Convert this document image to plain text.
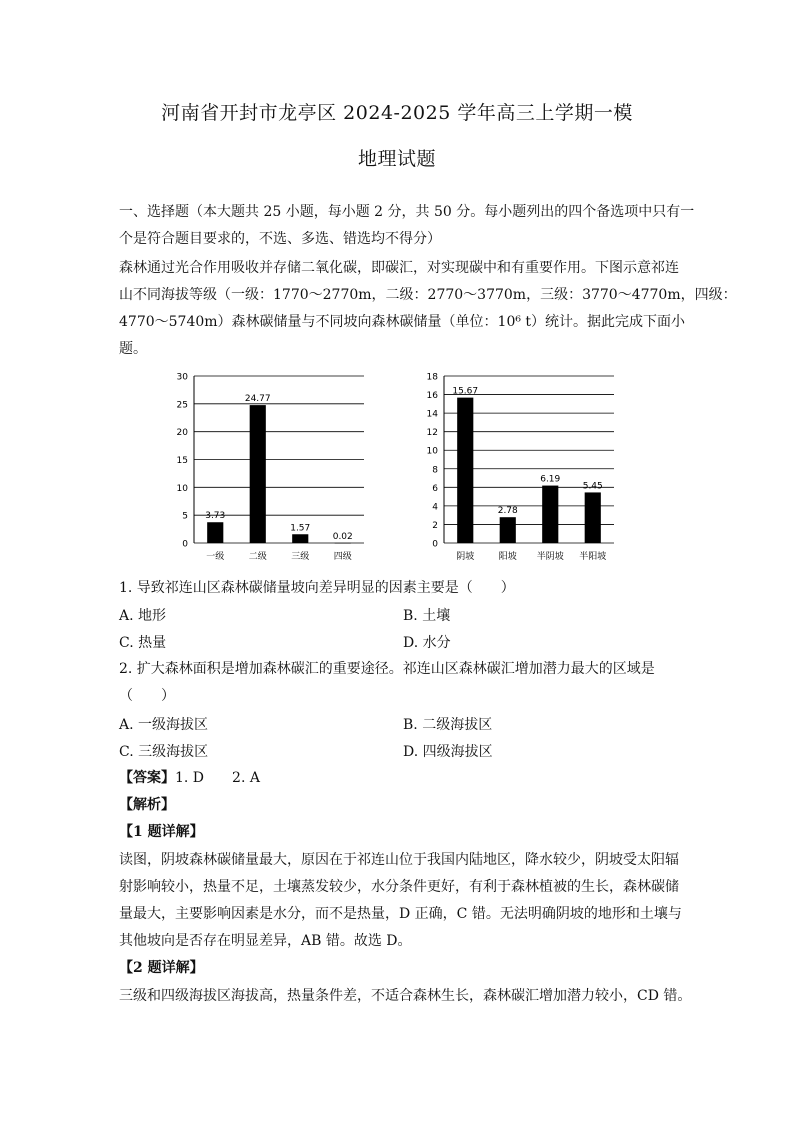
河南省开封市龙亭区 2024-2025 学年高三上学期一模
地理试题
一、选择题（本大题共 25 小题，每小题 2 分，共 50 分。每小题列出的四个备选项中只有一
个是符合题目要求的，不选、多选、错选均不得分）
森林通过光合作用吸收并存储二氧化碳，即碳汇，对实现碳中和有重要作用。下图示意祁连
山不同海拔等级（一级：1770～2770m，二级：2770～3770m，三级：3770～4770m，四级：
4770～5740m）森林碳储量与不同坡向森林碳储量（单位：10⁶ t）统计。据此完成下面小
题。
0
5
10
15
20
25
30
3.73
一级
24.77
二级
1.57
三级
0.02
四级
0
2
4
6
8
10
12
14
16
18
15.67
阴坡
2.78
阳坡
6.19
半阴坡
5.45
半阳坡
1. 导致祁连山区森林碳储量坡向差异明显的因素主要是（　　）
A. 地形	B. 土壤
C. 热量	D. 水分
2. 扩大森林面积是增加森林碳汇的重要途径。祁连山区森林碳汇增加潜力最大的区域是
（　　）
A. 一级海拔区	B. 二级海拔区
C. 三级海拔区	D. 四级海拔区
【答案】1. D　　2. A
【解析】
【1 题详解】
读图，阴坡森林碳储量最大，原因在于祁连山位于我国内陆地区，降水较少，阴坡受太阳辐
射影响较小，热量不足，土壤蒸发较少，水分条件更好，有利于森林植被的生长，森林碳储
量最大，主要影响因素是水分，而不是热量，D 正确，C 错。无法明确阴坡的地形和土壤与
其他坡向是否存在明显差异，AB 错。故选 D。
【2 题详解】
三级和四级海拔区海拔高，热量条件差，不适合森林生长，森林碳汇增加潜力较小，CD 错。
